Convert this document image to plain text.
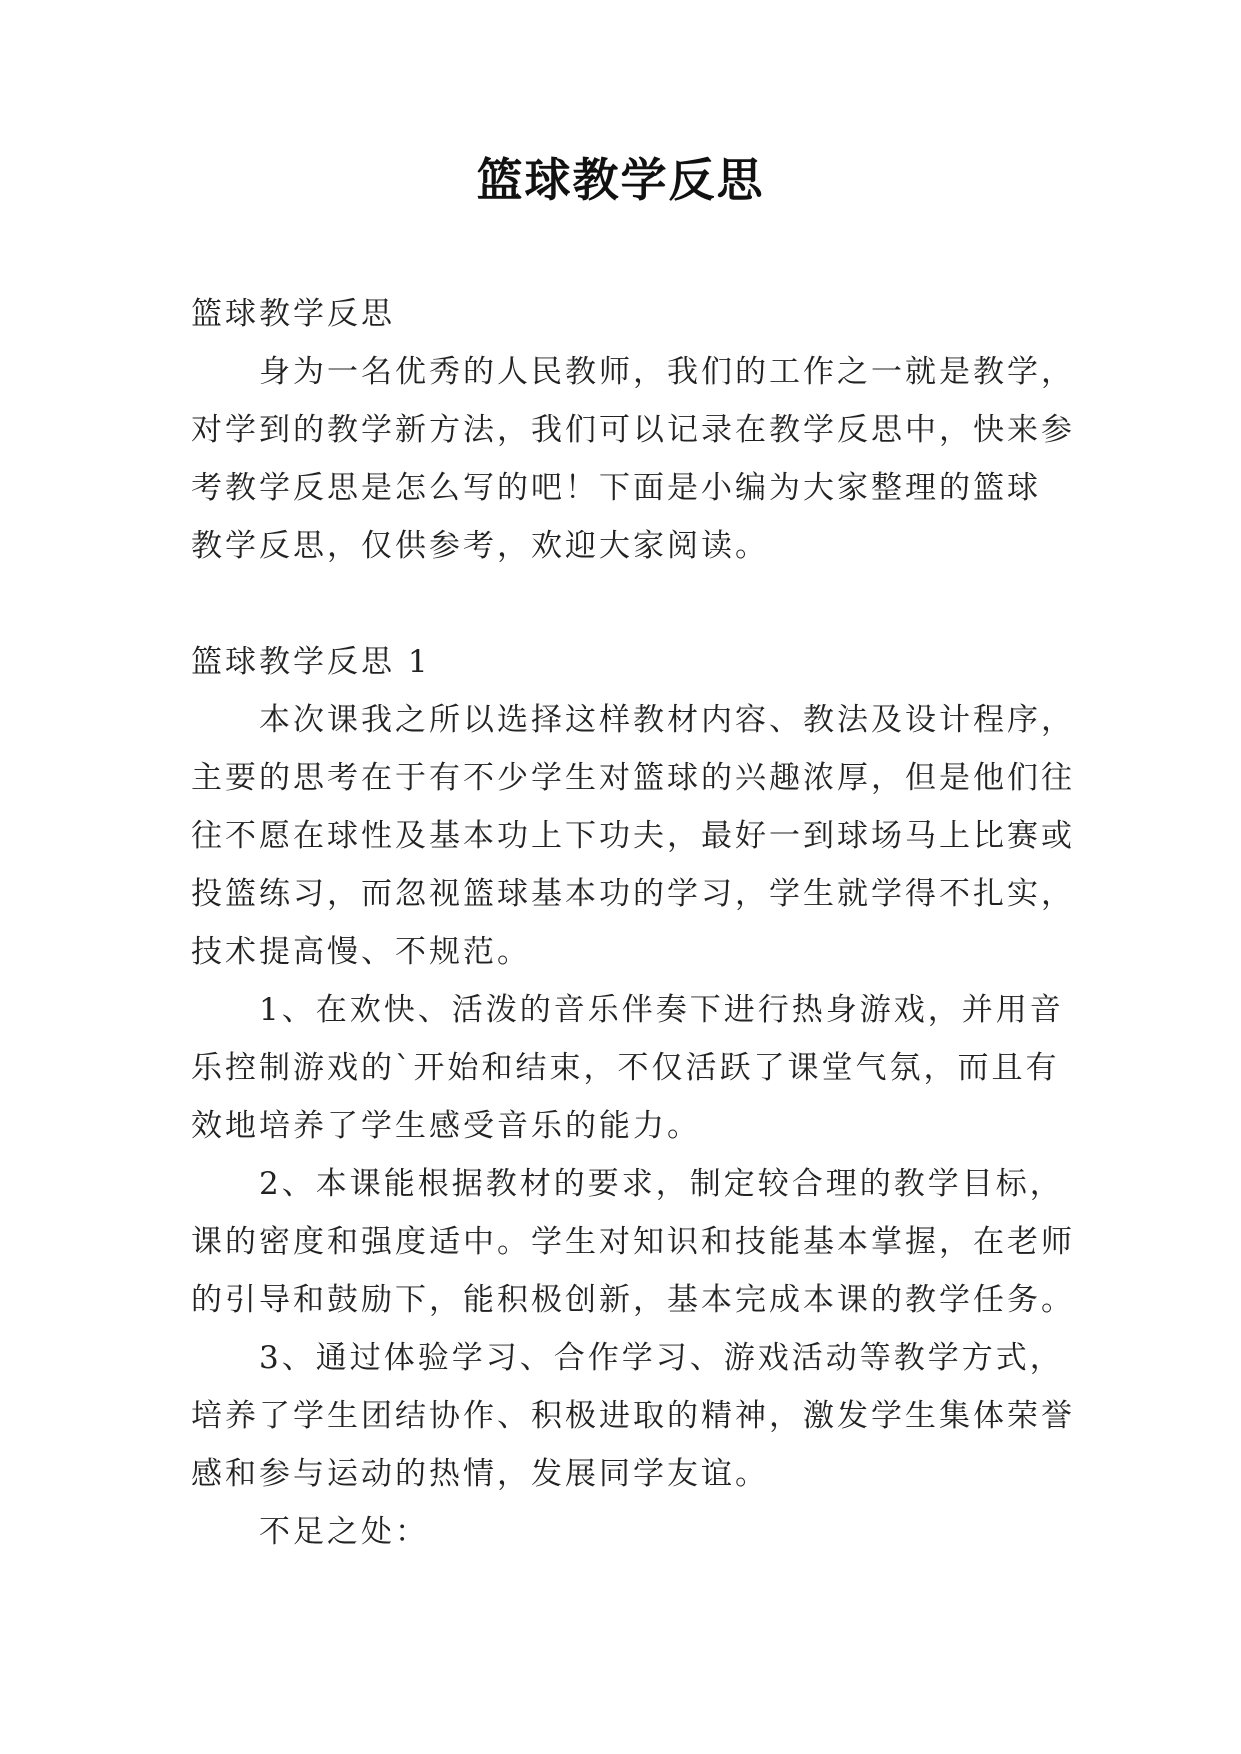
篮球教学反思
篮球教学反思
身为一名优秀的人民教师，我们的工作之一就是教学，
对学到的教学新方法，我们可以记录在教学反思中，快来参
考教学反思是怎么写的吧！下面是小编为大家整理的篮球
教学反思，仅供参考，欢迎大家阅读。
篮球教学反思 1
本次课我之所以选择这样教材内容、教法及设计程序，
主要的思考在于有不少学生对篮球的兴趣浓厚，但是他们往
往不愿在球性及基本功上下功夫，最好一到球场马上比赛或
投篮练习，而忽视篮球基本功的学习，学生就学得不扎实，
技术提高慢、不规范。
1、在欢快、活泼的音乐伴奏下进行热身游戏，并用音
乐控制游戏的`开始和结束，不仅活跃了课堂气氛，而且有
效地培养了学生感受音乐的能力。
2、本课能根据教材的要求，制定较合理的教学目标，
课的密度和强度适中。学生对知识和技能基本掌握，在老师
的引导和鼓励下，能积极创新，基本完成本课的教学任务。
3、通过体验学习、合作学习、游戏活动等教学方式，
培养了学生团结协作、积极进取的精神，激发学生集体荣誉
感和参与运动的热情，发展同学友谊。
不足之处：
